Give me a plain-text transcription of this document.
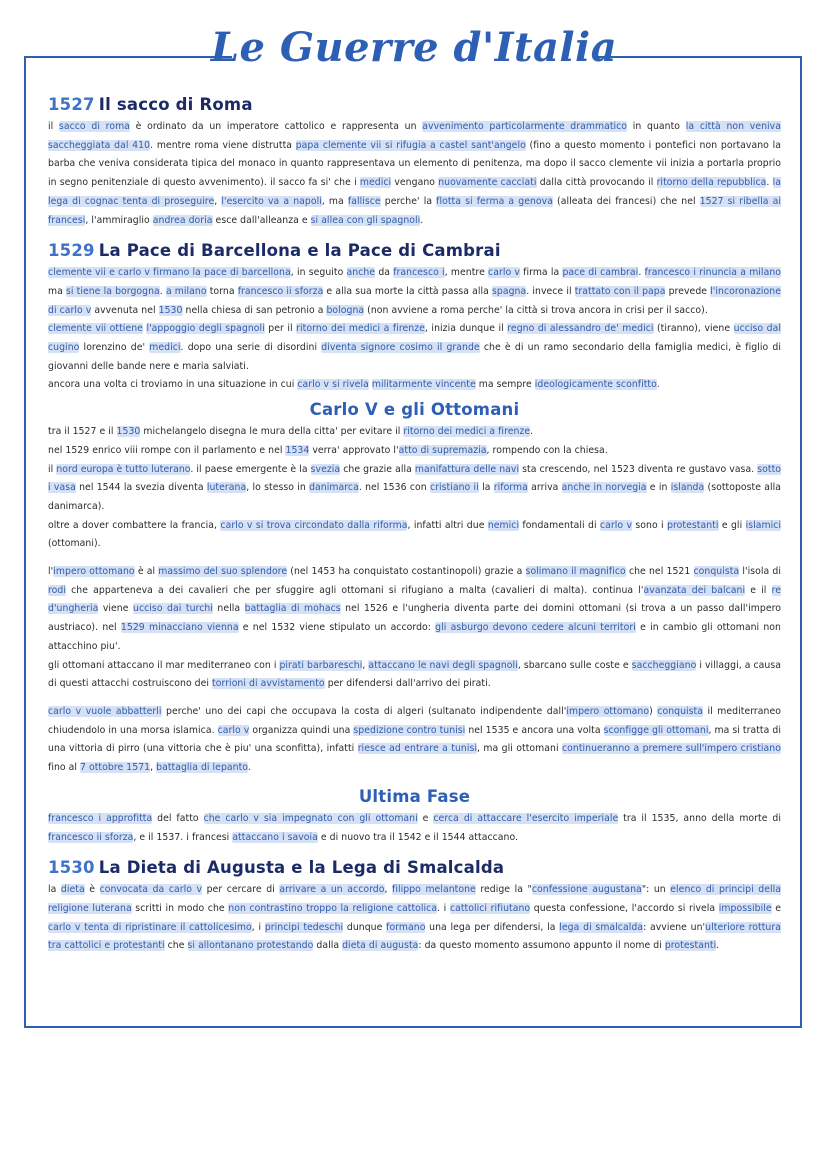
Le Guerre d'Italia
1527 Il sacco di Roma

il sacco di roma è ordinato da un imperatore cattolico e rappresenta un avvenimento particolarmente drammatico in quanto la città non veniva saccheggiata dal 410. mentre roma viene distrutta papa clemente vii si rifugia a castel sant'angelo (fino a questo momento i pontefici non portavano la barba che veniva considerata tipica del monaco in quanto rappresentava un elemento di penitenza, ma dopo il sacco clemente vii inizia a portarla proprio in segno penitenziale di questo avvenimento). il sacco fa si' che i medici vengano nuovamente cacciati dalla città provocando il ritorno della repubblica. la lega di cognac tenta di proseguire, l'esercito va a napoli, ma fallisce perche' la flotta si ferma a genova (alleata dei francesi) che nel 1527 si ribella ai francesi, l'ammiraglio andrea doria esce dall'alleanza e si allea con gli spagnoli.

1529 La Pace di Barcellona e la Pace di Cambrai

clemente vii e carlo v firmano la pace di barcellona, in seguito anche da francesco i, mentre carlo v firma la pace di cambrai. francesco i rinuncia a milano ma si tiene la borgogna. a milano torna francesco ii sforza e alla sua morte la città passa alla spagna. invece il trattato con il papa prevede l'incoronazione di carlo v avvenuta nel 1530 nella chiesa di san petronio a bologna (non avviene a roma perche' la città si trova ancora in crisi per il sacco).

clemente vii ottiene l'appoggio degli spagnoli per il ritorno dei medici a firenze, inizia dunque il regno di alessandro de' medici (tiranno), viene ucciso dal cugino lorenzino de' medici. dopo una serie di disordini diventa signore cosimo il grande che è di un ramo secondario della famiglia medici, è figlio di giovanni delle bande nere e maria salviati.

ancora una volta ci troviamo in una situazione in cui carlo v si rivela militarmente vincente ma sempre ideologicamente sconfitto.

Carlo V e gli Ottomani

tra il 1527 e il 1530 michelangelo disegna le mura della citta' per evitare il ritorno dei medici a firenze.

nel 1529 enrico viii rompe con il parlamento e nel 1534 verra' approvato l'atto di supremazia, rompendo con la chiesa.

il nord europa è tutto luterano. il paese emergente è la svezia che grazie alla manifattura delle navi sta crescendo, nel 1523 diventa re gustavo vasa. sotto i vasa nel 1544 la svezia diventa luterana, lo stesso in danimarca. nel 1536 con cristiano ii la riforma arriva anche in norvegia e in islanda (sottoposte alla danimarca).

oltre a dover combattere la francia, carlo v si trova circondato dalla riforma, infatti altri due nemici fondamentali di carlo v sono i protestanti e gli islamici (ottomani).

l'impero ottomano è al massimo del suo splendore (nel 1453 ha conquistato costantinopoli) grazie a solimano il magnifico che nel 1521 conquista l'isola di rodi che apparteneva a dei cavalieri che per sfuggire agli ottomani si rifugiano a malta (cavalieri di malta). continua l'avanzata dei balcani e il re d'ungheria viene ucciso dai turchi nella battaglia di mohacs nel 1526 e l'ungheria diventa parte dei domini ottomani (si trova a un passo dall'impero austriaco). nel 1529 minacciano vienna e nel 1532 viene stipulato un accordo: gli asburgo devono cedere alcuni territori e in cambio gli ottomani non attacchino piu'.

gli ottomani attaccano il mar mediterraneo con i pirati barbareschi, attaccano le navi degli spagnoli, sbarcano sulle coste e saccheggiano i villaggi, a causa di questi attacchi costruiscono dei torrioni di avvistamento per difendersi dall'arrivo dei pirati.

carlo v vuole abbatterli perche' uno dei capi che occupava la costa di algeri (sultanato indipendente dall'impero ottomano) conquista il mediterraneo chiudendolo in una morsa islamica. carlo v organizza quindi una spedizione contro tunisi nel 1535 e ancora una volta sconfigge gli ottomani, ma si tratta di una vittoria di pirro (una vittoria che è piu' una sconfitta), infatti riesce ad entrare a tunisi, ma gli ottomani continueranno a premere sull'impero cristiano fino al 7 ottobre 1571, battaglia di lepanto.

Ultima Fase

francesco i approfitta del fatto che carlo v sia impegnato con gli ottomani e cerca di attaccare l'esercito imperiale tra il 1535, anno della morte di francesco ii sforza, e il 1537. i francesi attaccano i savoia e di nuovo tra il 1542 e il 1544 attaccano.

1530 La Dieta di Augusta e la Lega di Smalcalda

la dieta è convocata da carlo v per cercare di arrivare a un accordo, filippo melantone redige la "confessione augustana": un elenco di principi della religione luterana scritti in modo che non contrastino troppo la religione cattolica. i cattolici rifiutano questa confessione, l'accordo si rivela impossibile e carlo v tenta di ripristinare il cattolicesimo, i principi tedeschi dunque formano una lega per difendersi, la lega di smalcalda: avviene un'ulteriore rottura tra cattolici e protestanti che si allontanano protestando dalla dieta di augusta: da questo momento assumono appunto il nome di protestanti.
